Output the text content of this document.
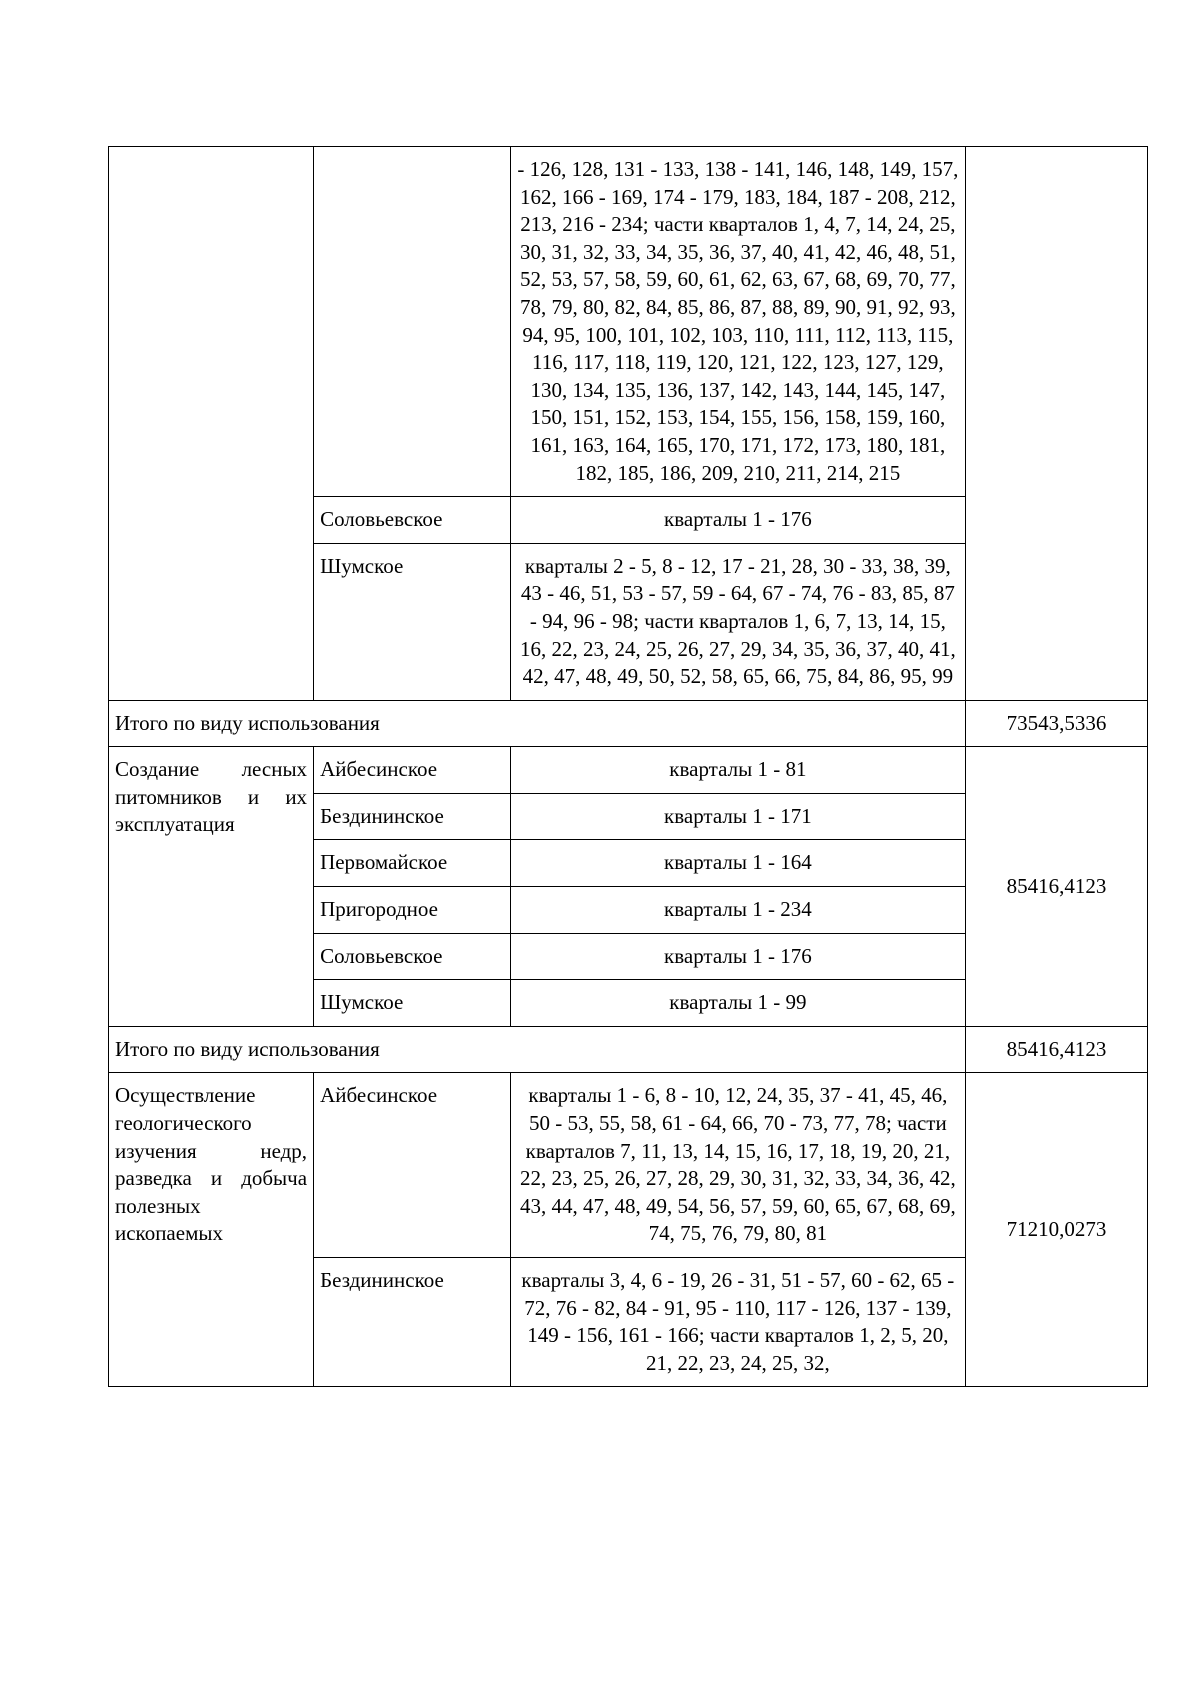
		- 126, 128, 131 - 133, 138 - 141, 146, 148, 149, 157, 162, 166 - 169, 174 - 179, 183, 184, 187 - 208, 212, 213, 216 - 234; части кварталов 1, 4, 7, 14, 24, 25, 30, 31, 32, 33, 34, 35, 36, 37, 40, 41, 42, 46, 48, 51, 52, 53, 57, 58, 59, 60, 61, 62, 63, 67, 68, 69, 70, 77, 78, 79, 80, 82, 84, 85, 86, 87, 88, 89, 90, 91, 92, 93, 94, 95, 100, 101, 102, 103, 110, 111, 112, 113, 115, 116, 117, 118, 119, 120, 121, 122, 123, 127, 129, 130, 134, 135, 136, 137, 142, 143, 144, 145, 147, 150, 151, 152, 153, 154, 155, 156, 158, 159, 160, 161, 163, 164, 165, 170, 171, 172, 173, 180, 181, 182, 185, 186, 209, 210, 211, 214, 215	
	Соловьевское	кварталы 1 - 176	
	Шумское	кварталы 2 - 5, 8 - 12, 17 - 21, 28, 30 - 33, 38, 39, 43 - 46, 51, 53 - 57, 59 - 64, 67 - 74, 76 - 83, 85, 87 - 94, 96 - 98; части кварталов 1, 6, 7, 13, 14, 15, 16, 22, 23, 24, 25, 26, 27, 29, 34, 35, 36, 37, 40, 41, 42, 47, 48, 49, 50, 52, 58, 65, 66, 75, 84, 86, 95, 99	
Итого по виду использования			73543,5336

Создание лесных питомников и их эксплуатация	Айбесинское	кварталы 1 - 81	85416,4123
	Бездининское	кварталы 1 - 171	
	Первомайское	кварталы 1 - 164	
	Пригородное	кварталы 1 - 234	
	Соловьевское	кварталы 1 - 176	
	Шумское	кварталы 1 - 99	
Итого по виду использования			85416,4123

Осуществление геологического изучения недр, разведка и добыча полезных ископаемых	Айбесинское	кварталы 1 - 6, 8 - 10, 12, 24, 35, 37 - 41, 45, 46, 50 - 53, 55, 58, 61 - 64, 66, 70 - 73, 77, 78; части кварталов 7, 11, 13, 14, 15, 16, 17, 18, 19, 20, 21, 22, 23, 25, 26, 27, 28, 29, 30, 31, 32, 33, 34, 36, 42, 43, 44, 47, 48, 49, 54, 56, 57, 59, 60, 65, 67, 68, 69, 74, 75, 76, 79, 80, 81	71210,0273
	Бездининское	кварталы 3, 4, 6 - 19, 26 - 31, 51 - 57, 60 - 62, 65 - 72, 76 - 82, 84 - 91, 95 - 110, 117 - 126, 137 - 139, 149 - 156, 161 - 166; части кварталов 1, 2, 5, 20, 21, 22, 23, 24, 25, 32,	
